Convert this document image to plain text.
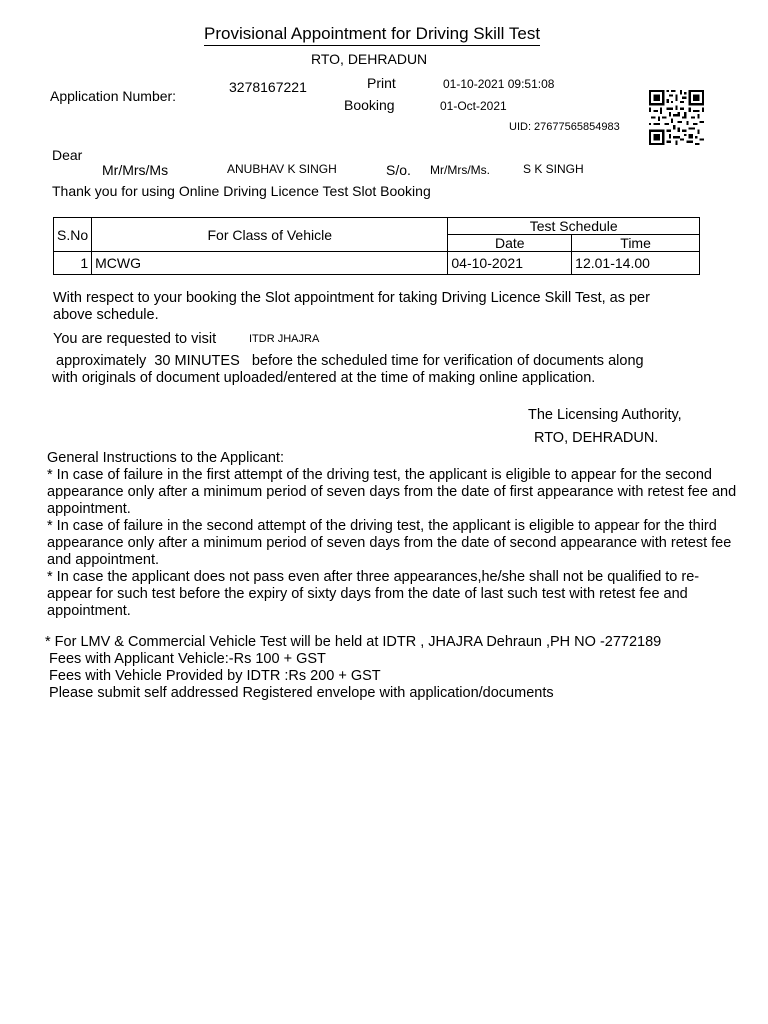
Provisional Appointment for Driving Skill Test
RTO, DEHRADUN
Application Number:
3278167221	Print	01-10-2021 09:51:08
Booking	01-Oct-2021
UID: 27677565854983
Dear
Mr/Mrs/Ms	ANUBHAV K SINGH	S/o. Mr/Mrs/Ms.	S K SINGH
Thank you for using Online Driving Licence Test Slot Booking
S.No	For Class of Vehicle	Test Schedule	
		Date	Time
1	MCWG	04-10-2021	12.01-14.00
With respect to your booking the Slot appointment for taking Driving Licence Skill Test, as per
above schedule.
You are requested to visit	ITDR JHAJRA
approximately  30 MINUTES   before the scheduled time for verification of documents along
with originals of document uploaded/entered at the time of making online application.
The Licensing Authority,
RTO, DEHRADUN.
General Instructions to the Applicant:
* In case of failure in the first attempt of the driving test, the applicant is eligible to appear for the second appearance only after a minimum period of seven days from the date of first appearance with retest fee and appointment.
* In case of failure in the second attempt of the driving test, the applicant is eligible to appear for the third appearance only after a minimum period of seven days from the date of second appearance with retest fee and appointment.
* In case the applicant does not pass even after three appearances,he/she shall not be qualified to re-appear for such test before the expiry of sixty days from the date of last such test with retest fee and appointment.
* For LMV & Commercial Vehicle Test will be held at IDTR , JHAJRA Dehraun ,PH NO -2772189
Fees with Applicant Vehicle:-Rs 100 + GST
Fees with Vehicle Provided by IDTR :Rs 200 + GST
Please submit self addressed Registered envelope with application/documents
